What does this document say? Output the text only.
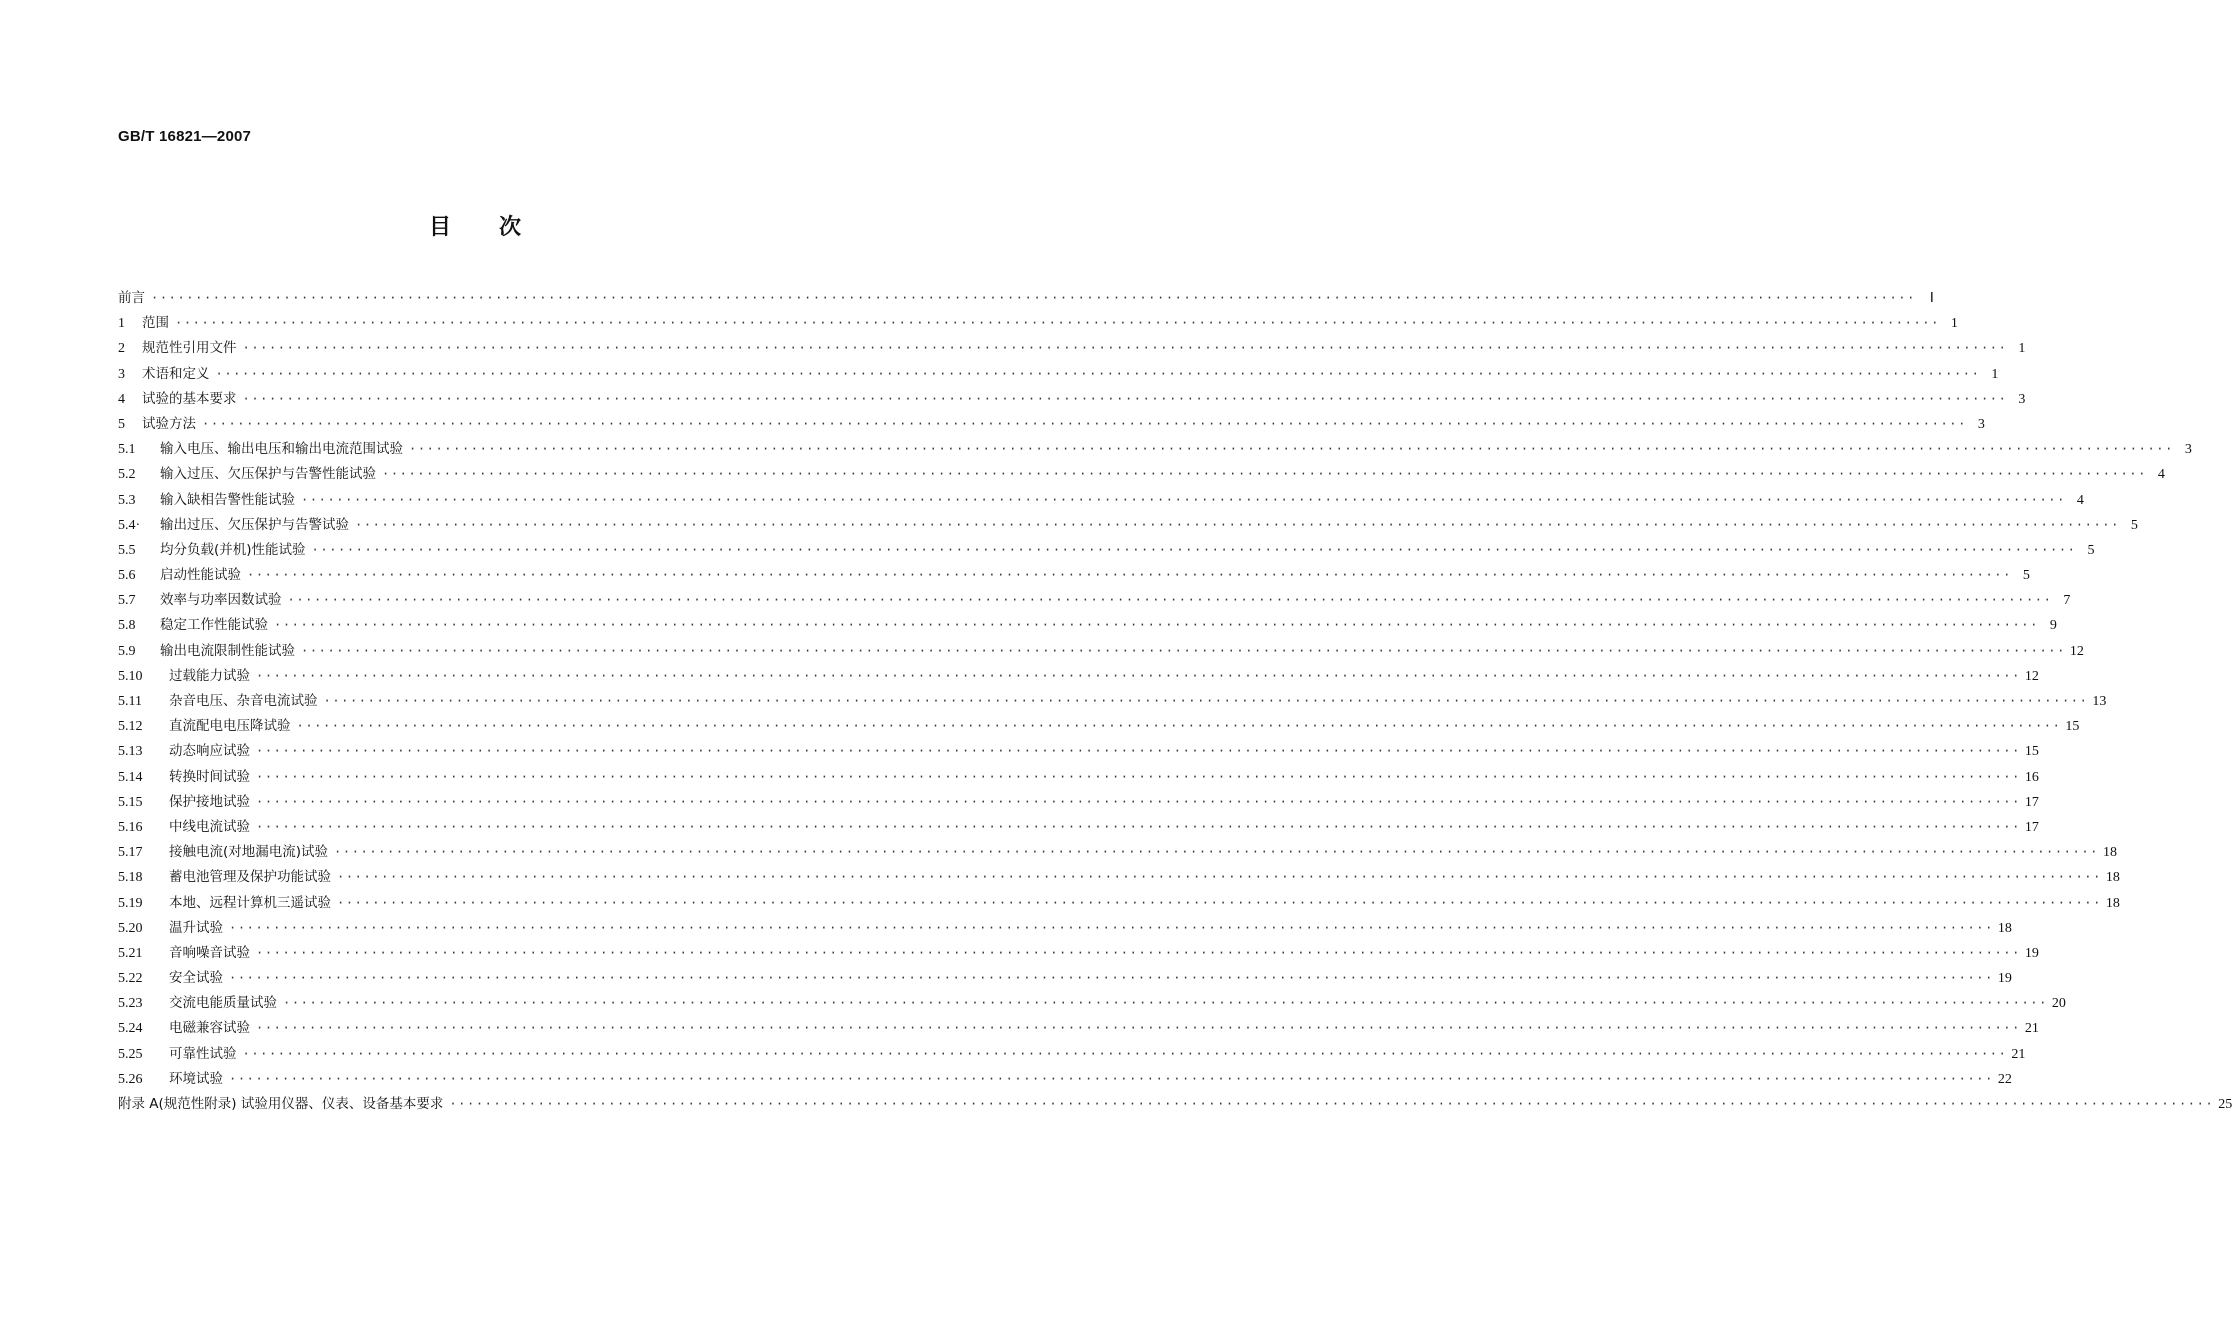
GB/T 16821—2007
目次
前言 ········································································································································································································ Ⅰ
1	范围 ········································································································································································································ 1
2	规范性引用文件 ········································································································································································································ 1
3	术语和定义 ········································································································································································································ 1
4	试验的基本要求 ········································································································································································································ 3
5	试验方法 ········································································································································································································ 3
5.1	输入电压、输出电压和输出电流范围试验 ········································································································································································································ 3
5.2	输入过压、欠压保护与告警性能试验 ········································································································································································································ 4
5.3	输入缺相告警性能试验 ········································································································································································································ 4
5.4·	输出过压、欠压保护与告警试验 ········································································································································································································ 5
5.5	均分负载(并机)性能试验 ········································································································································································································ 5
5.6	启动性能试验 ········································································································································································································ 5
5.7	效率与功率因数试验 ········································································································································································································ 7
5.8	稳定工作性能试验 ········································································································································································································ 9
5.9	输出电流限制性能试验 ········································································································································································································ 12
5.10	过载能力试验 ········································································································································································································ 12
5.11	杂音电压、杂音电流试验 ········································································································································································································ 13
5.12	直流配电电压降试验 ········································································································································································································ 15
5.13	动态响应试验 ········································································································································································································ 15
5.14	转换时间试验 ········································································································································································································ 16
5.15	保护接地试验 ········································································································································································································ 17
5.16	中线电流试验 ········································································································································································································ 17
5.17	接触电流(对地漏电流)试验 ········································································································································································································ 18
5.18	蓄电池管理及保护功能试验 ········································································································································································································ 18
5.19	本地、远程计算机三遥试验 ········································································································································································································ 18
5.20	温升试验 ········································································································································································································ 18
5.21	音响噪音试验 ········································································································································································································ 19
5.22	安全试验 ········································································································································································································ 19
5.23	交流电能质量试验 ········································································································································································································ 20
5.24	电磁兼容试验 ········································································································································································································ 21
5.25	可靠性试验 ········································································································································································································ 21
5.26	环境试验 ········································································································································································································ 22
附录 A(规范性附录) 试验用仪器、仪表、设备基本要求 ········································································································································································································ 25
